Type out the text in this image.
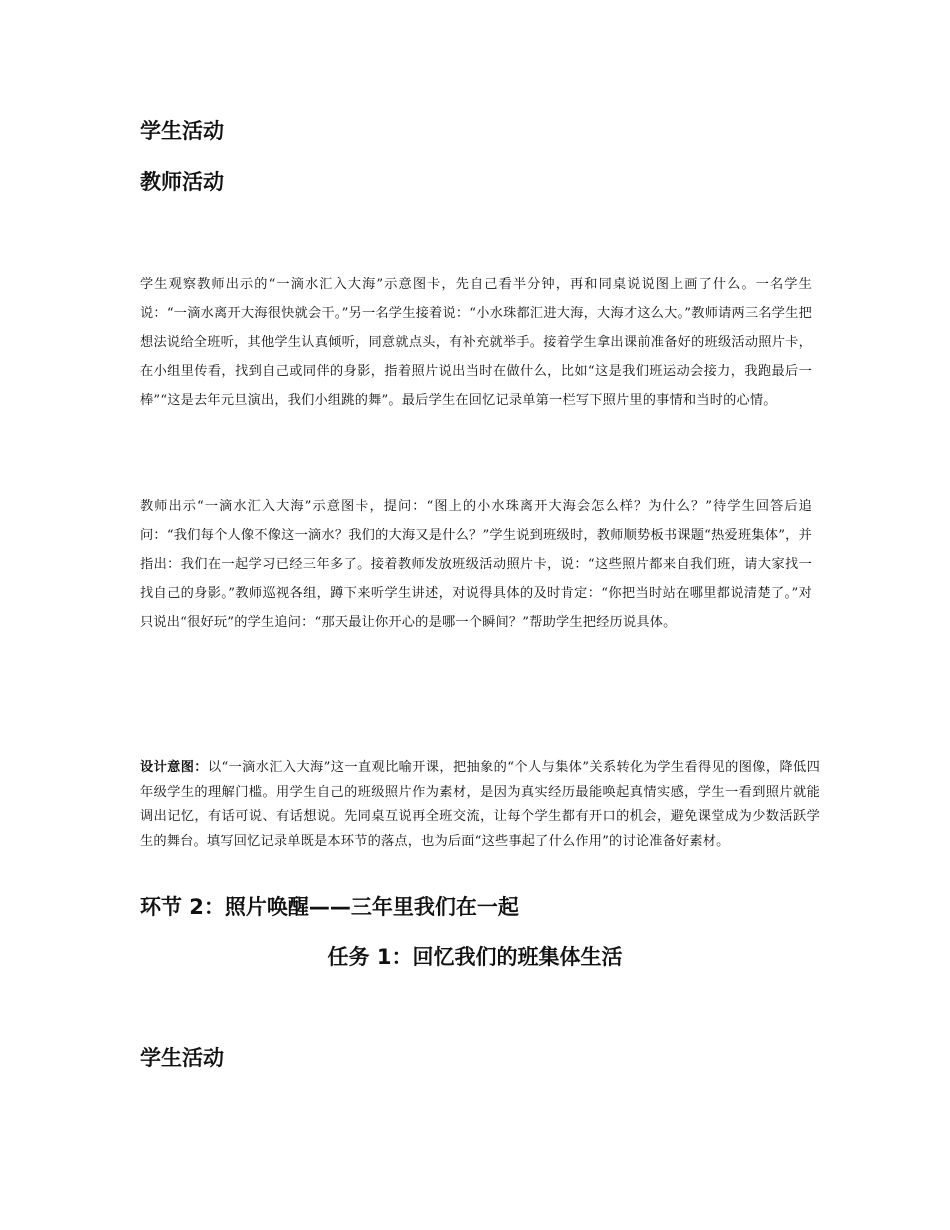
学生活动
教师活动

学生观察教师出示的“一滴水汇入大海”示意图卡，先自己看半分钟，再和同桌说说图上画了什么。一名学生说：“一滴水离开大海很快就会干。”另一名学生接着说：“小水珠都汇进大海，大海才这么大。”教师请两三名学生把想法说给全班听，其他学生认真倾听，同意就点头，有补充就举手。接着学生拿出课前准备好的班级活动照片卡，在小组里传看，找到自己或同伴的身影，指着照片说出当时在做什么，比如“这是我们班运动会接力，我跑最后一棒”“这是去年元旦演出，我们小组跳的舞”。最后学生在回忆记录单第一栏写下照片里的事情和当时的心情。

教师出示“一滴水汇入大海”示意图卡，提问：“图上的小水珠离开大海会怎么样？为什么？”待学生回答后追问：“我们每个人像不像这一滴水？我们的大海又是什么？”学生说到班级时，教师顺势板书课题“热爱班集体”，并指出：我们在一起学习已经三年多了。接着教师发放班级活动照片卡，说：“这些照片都来自我们班，请大家找一找自己的身影。”教师巡视各组，蹲下来听学生讲述，对说得具体的及时肯定：“你把当时站在哪里都说清楚了。”对只说出“很好玩”的学生追问：“那天最让你开心的是哪一个瞬间？”帮助学生把经历说具体。

设计意图：以“一滴水汇入大海”这一直观比喻开课，把抽象的“个人与集体”关系转化为学生看得见的图像，降低四年级学生的理解门槛。用学生自己的班级照片作为素材，是因为真实经历最能唤起真情实感，学生一看到照片就能调出记忆，有话可说、有话想说。先同桌互说再全班交流，让每个学生都有开口的机会，避免课堂成为少数活跃学生的舞台。填写回忆记录单既是本环节的落点，也为后面“这些事起了什么作用”的讨论准备好素材。

环节 2：照片唤醒——三年里我们在一起
任务 1：回忆我们的班集体生活
学生活动
